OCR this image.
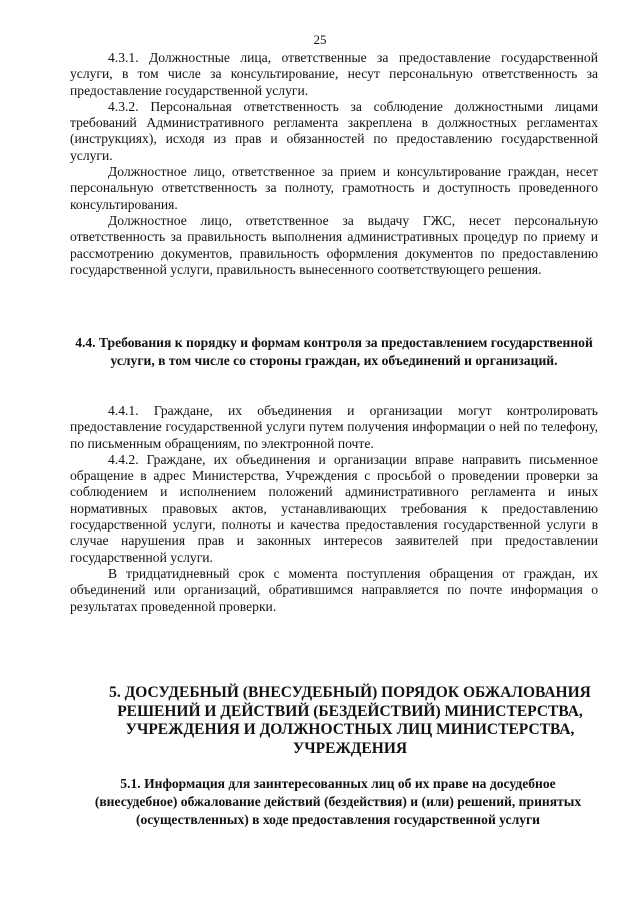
25

4.3.1. Должностные лица, ответственные за предоставление государственной услуги, в том числе за консультирование, несут персональную ответственность за предоставление государственной услуги.

4.3.2. Персональная ответственность за соблюдение должностными лицами требований Административного регламента закреплена в должностных регламентах (инструкциях), исходя из прав и обязанностей по предоставлению государственной услуги.

Должностное лицо, ответственное за прием и консультирование граждан, несет персональную ответственность за полноту, грамотность и доступность проведенного консультирования.

Должностное лицо, ответственное за выдачу ГЖС, несет персональную ответственность за правильность выполнения административных процедур по приему и рассмотрению документов, правильность оформления документов по предоставлению государственной услуги, правильность вынесенного соответствующего решения.

4.4. Требования к порядку и формам контроля за предоставлением государственной услуги, в том числе со стороны граждан, их объединений и организаций.

4.4.1. Граждане, их объединения и организации могут контролировать предоставление государственной услуги путем получения информации о ней по телефону, по письменным обращениям, по электронной почте.

4.4.2. Граждане, их объединения и организации вправе направить письменное обращение в адрес Министерства, Учреждения с просьбой о проведении проверки за соблюдением и исполнением положений административного регламента и иных нормативных правовых актов, устанавливающих требования к предоставлению государственной услуги, полноты и качества предоставления государственной услуги в случае нарушения прав и законных интересов заявителей при предоставлении государственной услуги.

В тридцатидневный срок с момента поступления обращения от граждан, их объединений или организаций, обратившимся направляется по почте информация о результатах проведенной проверки.

5. ДОСУДЕБНЫЙ (ВНЕСУДЕБНЫЙ) ПОРЯДОК ОБЖАЛОВАНИЯ РЕШЕНИЙ И ДЕЙСТВИЙ (БЕЗДЕЙСТВИЙ) МИНИСТЕРСТВА, УЧРЕЖДЕНИЯ И ДОЛЖНОСТНЫХ ЛИЦ МИНИСТЕРСТВА, УЧРЕЖДЕНИЯ

5.1. Информация для заинтересованных лиц об их праве на досудебное (внесудебное) обжалование действий (бездействия) и (или) решений, принятых (осуществленных) в ходе предоставления государственной услуги
